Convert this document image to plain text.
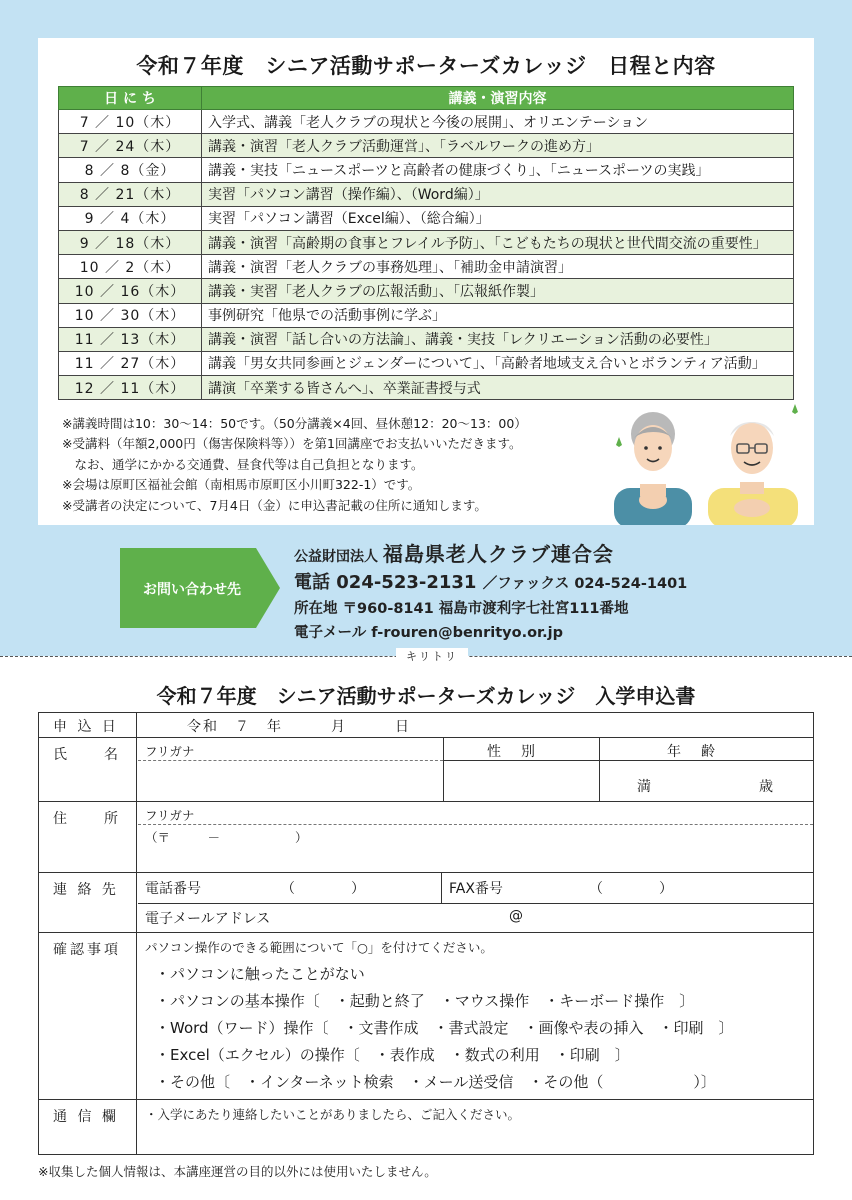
令和７年度　シニア活動サポーターズカレッジ　日程と内容
日 に ち	講義・演習内容
7 ／ 10（木）	入学式、講義「老人クラブの現状と今後の展開」、オリエンテーション
7 ／ 24（木）	講義・演習「老人クラブ活動運営」、「ラベルワークの進め方」
8 ／ 8（金）	講義・実技「ニュースポーツと高齢者の健康づくり」、「ニュースポーツの実践」
8 ／ 21（木）	実習「パソコン講習（操作編）、（Word編）」
9 ／ 4（木）	実習「パソコン講習（Excel編）、（総合編）」
9 ／ 18（木）	講義・演習「高齢期の食事とフレイル予防」、「こどもたちの現状と世代間交流の重要性」
10 ／ 2（木）	講義・演習「老人クラブの事務処理」、「補助金申請演習」
10 ／ 16（木）	講義・実習「老人クラブの広報活動」、「広報紙作製」
10 ／ 30（木）	事例研究「他県での活動事例に学ぶ」
11 ／ 13（木）	講義・演習「話し合いの方法論」、講義・実技「レクリエーション活動の必要性」
11 ／ 27（木）	講義「男女共同参画とジェンダーについて」、「高齢者地域支え合いとボランティア活動」
12 ／ 11（木）	講演「卒業する皆さんへ」、卒業証書授与式

※講義時間は10：30〜14：50です。（50分講義×4回、昼休憩12：20〜13：00）

※受講料（年額2,000円（傷害保険料等））を第1回講座でお支払いいただきます。

　なお、通学にかかる交通費、昼食代等は自己負担となります。

※会場は原町区福祉会館（南相馬市原町区小川町322-1）です。

※受講者の決定について、7月4日（金）に申込書記載の住所に通知します。

お問い合わせ先
公益財団法人 福島県老人クラブ連合会
電話 024-523-2131 ／ファックス 024-524-1401
所在地 〒960-8141 福島市渡利字七社宮111番地
電子メール f-rouren@benrityo.or.jp
キリトリ
令和７年度　シニア活動サポーターズカレッジ　入学申込書
申 込 日	令和　７　年　　　月　　　日
氏　　名	フリガナ	性　別	年　齢
満	歳
住　　所	フリガナ
（〒　　　－　　　　　　）
連 絡 先	電話番号	（　　　　）	FAX番号	（　　　　）
電子メールアドレス	@
確認事項	パソコン操作のできる範囲について「○」を付けてください。
・パソコンに触ったことがない
・パソコンの基本操作〔　・起動と終了　・マウス操作　・キーボード操作　〕
・Word（ワード）操作〔　・文書作成　・書式設定　・画像や表の挿入　・印刷　〕
・Excel（エクセル）の操作〔　・表作成　・数式の利用　・印刷　〕
・その他〔　・インターネット検索　・メール送受信　・その他（　　　　　　）〕
通 信 欄	・入学にあたり連絡したいことがありましたら、ご記入ください。
※収集した個人情報は、本講座運営の目的以外には使用いたしません。
